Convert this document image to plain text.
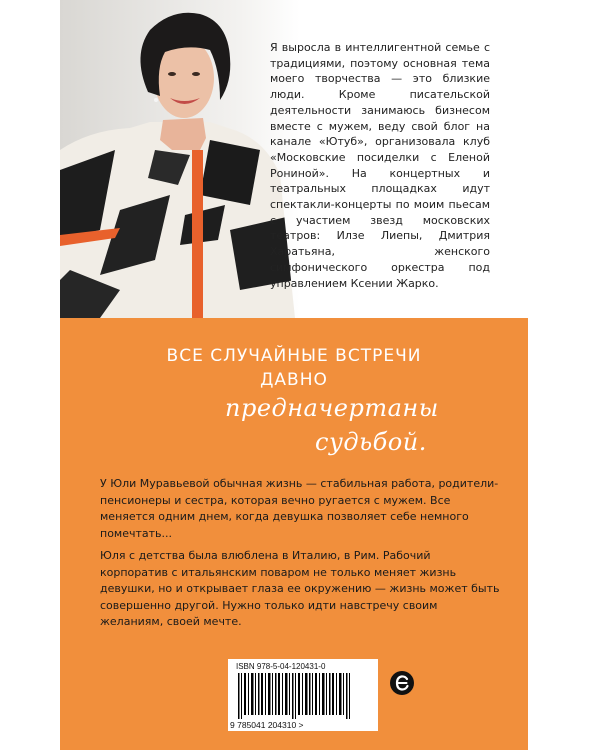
Я выросла в интеллигентной семье с традициями, поэтому основная тема моего творчества — это близкие люди. Кроме писательской деятельности занимаюсь бизнесом вместе с мужем, веду свой блог на канале «Ютуб», организовала клуб «Московские посиделки с Еленой Рониной». На концертных и театральных площадках идут спектакли-концерты по моим пьесам с участием звезд московских театров: Илзе Лиепы, Дмитрия Харатьяна, женского симфонического оркестра под управлением Ксении Жарко.
ВСЕ СЛУЧАЙНЫЕ ВСТРЕЧИ
ДАВНО
предначертаны
судьбой.
У Юли Муравьевой обычная жизнь — стабильная работа, родители-пенсионеры и сестра, которая вечно ругается с мужем. Все меняется одним днем, когда девушка позволяет себе немного помечтать...
Юля с детства была влюблена в Италию, в Рим. Рабочий корпоратив с итальянским поваром не только меняет жизнь девушки, но и открывает глаза ее окружению — жизнь может быть совершенно другой. Нужно только идти навстречу своим желаниям, своей мечте.
ISBN 978-5-04-120431-0
9 785041 204310 >
